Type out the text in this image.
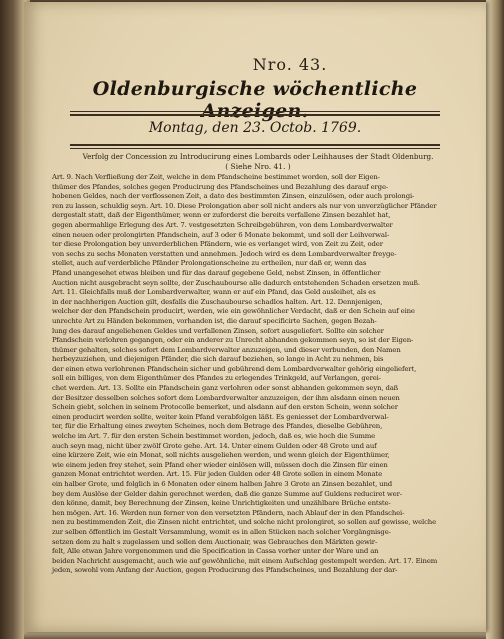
Nro. 43.
Oldenburgische wöchentliche
Montag, den 23. Octob. 1769.
Verfolg der Concession zu Introducirung eines Lombards oder Leihhauses der Stadt Oldenburg.
( Siehe Nro. 41. )
Art. 9. Nach Verfließung der Zeit, welche in dem Pfandscheine bestimmet worden, soll der Eigen-
thümer des Pfandes, solches gegen Producirung des Pfandscheines und Bezahlung des darauf erge-
hobenen Geldes, nach der verflossenen Zeit, a dato des bestimmten Zinsen, einzulösen, oder auch prolongi-
ren zu lassen, schuldig seyn. Art. 10. Diese Prolongation aber soll nicht anders als nur von unverzüglicher Pfänder
dergestalt statt, daß der Eigenthümer, wenn er zuforderst die bereits verfallene Zinsen bezahlet hat,
gegen abermahlige Erlegung des Art. 7. vestgesetzten Schreibgebühren, von dem Lombardverwalter
einen neuen oder prolongirten Pfandschein, auf 3 oder 6 Monate bekommt, und soll der Leihverwal-
ter diese Prolongation bey unverderblichen Pfändern, wie es verlanget wird, von Zeit zu Zeit, oder
von sechs zu sechs Monaten verstatten und annehmen. Jedoch wird es dem Lombardverwalter freyge-
stellet, auch auf verderbliche Pfänder Prolongationscheine zu ertheilen, nur daß er, wenn das
Pfand unangesehet etwas bleiben und für das darauf gegebene Geld, nebst Zinsen, in öffentlicher
Auction nicht ausgebracht seyn sollte, der Zuschaubourse alle dadurch entstehenden Schaden ersetzen muß.
Art. 11. Gleichfalls muß der Lombardverwalter, wann er auf ein Pfand, das Geld ausleihet, als es
in der nachherigen Auction gilt, desfalls die Zuschaubourse schadlos halten. Art. 12. Dennjenigen,
welcher der den Pfandschein producirt, werden, wie ein gewöhnlicher Verdacht, daß er den Schein auf eine
unrechte Art zu Händen bekommen, vorhanden ist, die darauf specificirte Sachen, gegen Bezah-
lung des darauf angeliehenen Geldes und verfallenen Zinsen, sofort ausgeliefert. Sollte ein solcher
Pfandschein verlohren gegangen, oder ein anderer zu Unrecht abhanden gekommen seyn, so ist der Eigen-
thümer gehalten, solches sofort dem Lombardverwalter anzuzeigen, und dieser verbunden, den Namen
herbeyzuziehen, und diejenigen Pfänder, die sich darauf beziehen, so lange in Acht zu nehmen, bis
der einen etwa verlohrenen Pfandschein sicher und gebührend dem Lombardverwalter gehörig eingeliefert,
soll ein billiges, von dem Eigenthümer des Pfandes zu erlegendes Trinkgeld, auf Verlangen, gerei-
chet werden. Art. 13. Sollte ein Pfandschein ganz verlohren oder sonst abhanden gekommen seyn, daß
der Besitzer desselben solches sofort dem Lombardverwalter anzuzeigen, der ihm alsdann einen neuen
Schein giebt, solchen in seinem Protocolle bemerket, und alsdann auf den ersten Schein, wenn solcher
einen producirt werden sollte, weiter kein Pfand verabfolgen läßt. Es geniesset der Lombardverwal-
ter, für die Erhaltung eines zweyten Scheines, noch dem Betrage des Pfandes, dieselbe Gebühren,
welche im Art. 7. für den ersten Schein bestimmet worden, jedoch, daß es, wie hoch die Summe
auch seyn mag, nicht über zwölf Grote gehe. Art. 14. Unter einem Gulden oder 48 Grote und auf
eine kürzere Zeit, wie ein Monat, soll nichts ausgeliehen werden, und wenn gleich der Eigenthümer,
wie einem jeden frey stehet, sein Pfand eher wieder einlösen will, müssen doch die Zinsen für einen
ganzen Monat entrichtet werden. Art. 15. Für jeden Gulden oder 48 Grote sollen in einem Monate
ein halber Grote, und folglich in 6 Monaten oder einem halben Jahre 3 Grote an Zinsen bezahlet, und
bey dem Auslöse der Gelder dahin gerechnet werden, daß die ganze Summe auf Guldens reduciret wer-
den könne, damit, bey Berechnung der Zinsen, keine Unrichtigkeiten und unzählbare Brüche entste-
hen mögen. Art. 16. Werden nun ferner von den versetzten Pfändern, nach Ablauf der in den Pfandschei-
nen zu bestimmenden Zeit, die Zinsen nicht entrichtet, und solche nicht prolongiret, so sollen auf gewisse, welche
zur selben öffentlich im Gestalt Versammlung, womit es in allen Stücken nach solcher Vorgängnisge-
setzen dem zu halt s zugelassen und sollen dem Auctionair, was Gebrauches den Märkten gewir-
felt, Alle etwan Jahre vorgenommen und die Specification in Cassa vorher unter der Ware und an
beiden Nachricht ausgemacht, auch wie auf gewöhnliche, mit einem Aufschlag gestempelt werden. Art. 17. Einem
jeden, sowohl vom Anfang der Auction, gegen Producirung des Pfandscheines, und Bezahlung der dar-
